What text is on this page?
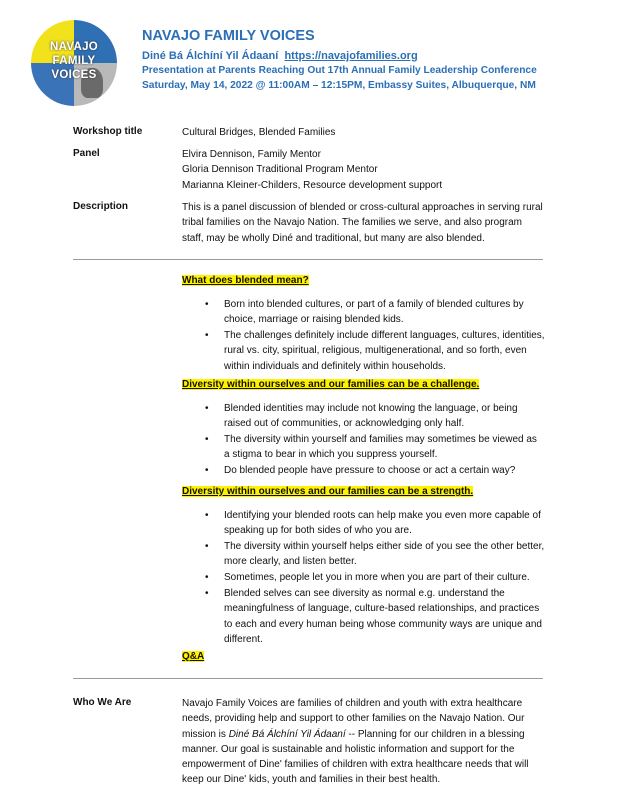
NAVAJO
FAMILY
VOICES
NAVAJO FAMILY VOICES
Diné Bá Álchíní Yil Ádaaní https://navajofamilies.org
Presentation at Parents Reaching Out 17th Annual Family Leadership Conference
Saturday, May 14, 2022 @ 11:00AM – 12:15PM, Embassy Suites, Albuquerque, NM
Workshop title	Cultural Bridges, Blended Families
Panel	Elvira Dennison, Family Mentor
Gloria Dennison Traditional Program Mentor
Marianna Kleiner-Childers, Resource development support
Description	This is a panel discussion of blended or cross-cultural approaches in serving rural tribal families on the Navajo Nation. The families we serve, and also program staff, may be wholly Diné and traditional, but many are also blended.
What does blended mean?
• Born into blended cultures, or part of a family of blended cultures by choice, marriage or raising blended kids.
• The challenges definitely include different languages, cultures, identities, rural vs. city, spiritual, religious, multigenerational, and so forth, even within individuals and definitely within households.
Diversity within ourselves and our families can be a challenge.
• Blended identities may include not knowing the language, or being raised out of communities, or acknowledging only half.
• The diversity within yourself and families may sometimes be viewed as a stigma to bear in which you suppress yourself.
• Do blended people have pressure to choose or act a certain way?
Diversity within ourselves and our families can be a strength.
• Identifying your blended roots can help make you even more capable of speaking up for both sides of who you are.
• The diversity within yourself helps either side of you see the other better, more clearly, and listen better.
• Sometimes, people let you in more when you are part of their culture.
• Blended selves can see diversity as normal e.g. understand the meaningfulness of language, culture-based relationships, and practices to each and every human being whose community ways are unique and different.
Q&A
Who We Are	Navajo Family Voices are families of children and youth with extra healthcare needs, providing help and support to other families on the Navajo Nation. Our mission is Diné Bá Álchíní Yil Ádaaní -- Planning for our children in a blessing manner. Our goal is sustainable and holistic information and support for the empowerment of Dine' families of children with extra healthcare needs that will keep our Dine' kids, youth and families in their best health.
